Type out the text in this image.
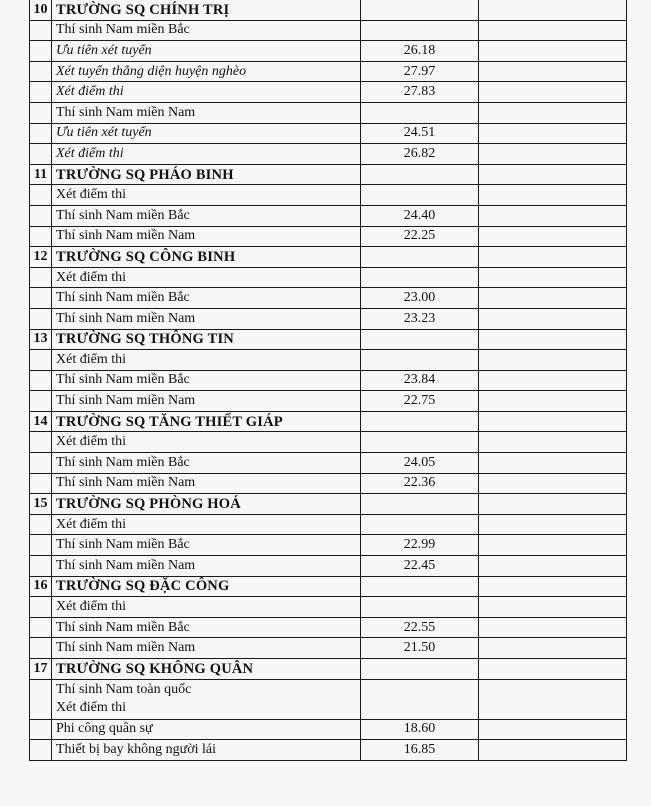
10	TRƯỜNG SQ CHÍNH TRỊ		
	Thí sinh Nam miền Bắc		
	Ưu tiên xét tuyển	26.18	
	Xét tuyển thẳng diện huyện nghèo	27.97	
	Xét điểm thi	27.83	
	Thí sinh Nam miền Nam		
	Ưu tiên xét tuyển	24.51	
	Xét điểm thi	26.82	
11	TRƯỜNG SQ PHÁO BINH		
	Xét điểm thi		
	Thí sinh Nam miền Bắc	24.40	
	Thí sinh Nam miền Nam	22.25	
12	TRƯỜNG SQ CÔNG BINH		
	Xét điểm thi		
	Thí sinh Nam miền Bắc	23.00	
	Thí sinh Nam miền Nam	23.23	
13	TRƯỜNG SQ THÔNG TIN		
	Xét điểm thi		
	Thí sinh Nam miền Bắc	23.84	
	Thí sinh Nam miền Nam	22.75	
14	TRƯỜNG SQ TĂNG THIẾT GIÁP		
	Xét điểm thi		
	Thí sinh Nam miền Bắc	24.05	
	Thí sinh Nam miền Nam	22.36	
15	TRƯỜNG SQ PHÒNG HOÁ		
	Xét điểm thi		
	Thí sinh Nam miền Bắc	22.99	
	Thí sinh Nam miền Nam	22.45	
16	TRƯỜNG SQ ĐẶC CÔNG		
	Xét điểm thi		
	Thí sinh Nam miền Bắc	22.55	
	Thí sinh Nam miền Nam	21.50	
17	TRƯỜNG SQ KHÔNG QUÂN		

	Thí sinh Nam toàn quốc
Xét điểm thi		

	Phi công quân sự	18.60	
	Thiết bị bay không người lái	16.85	
